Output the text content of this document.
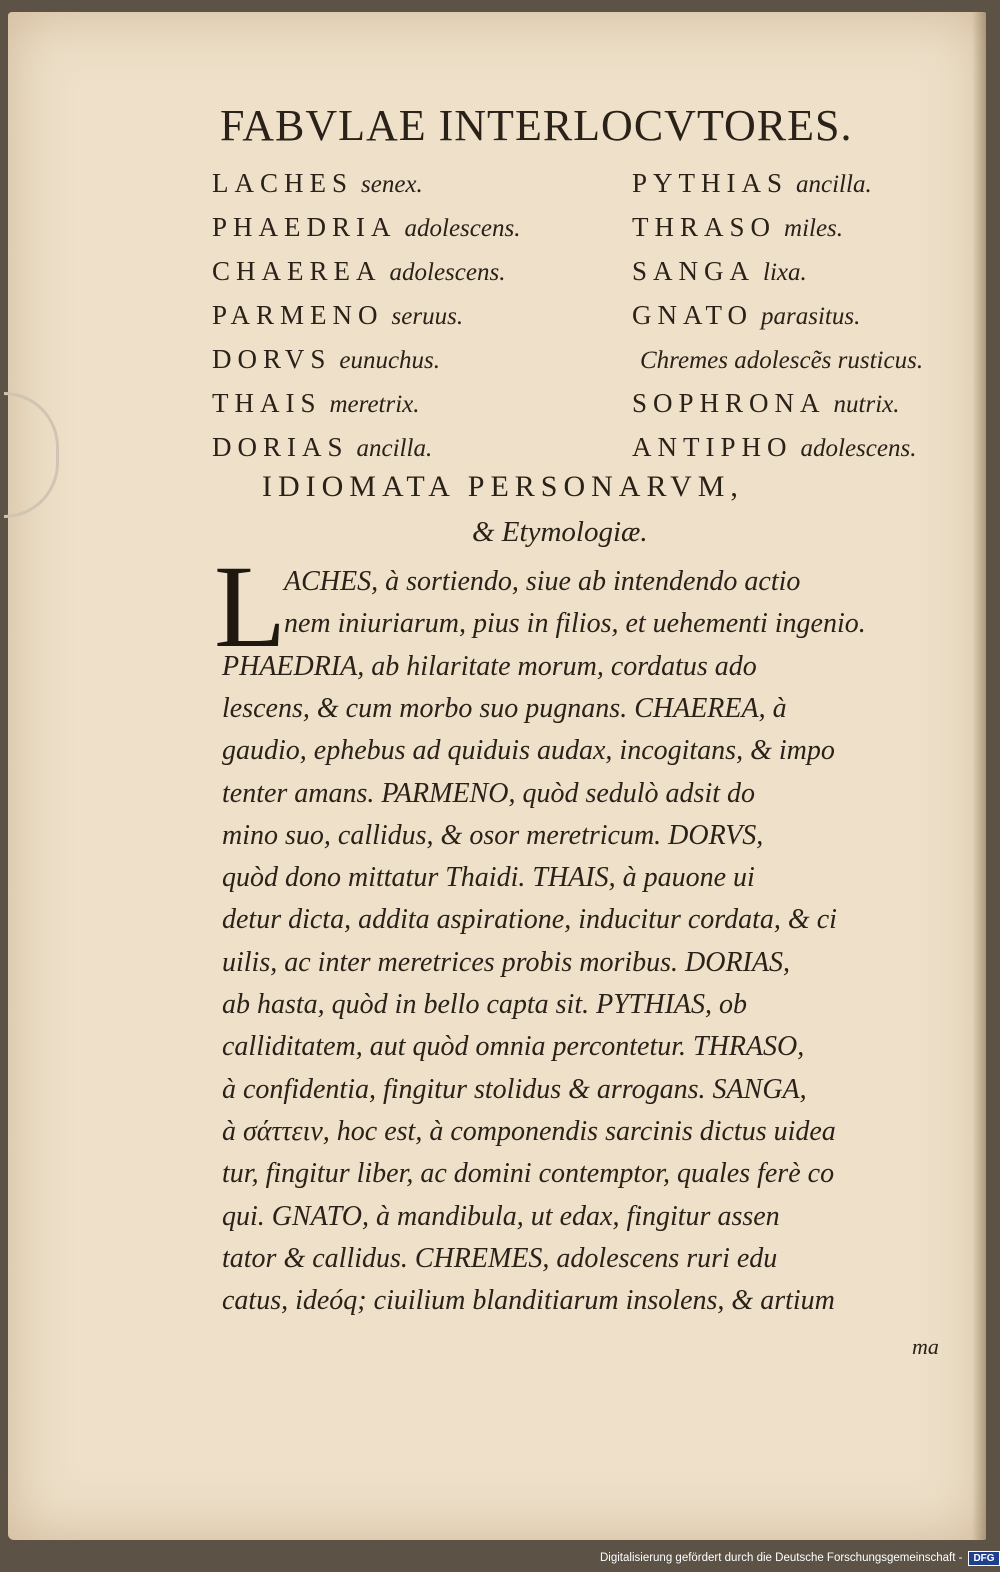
FABVLAE INTERLOCVTORES.
LACHES senex.	PYTHIAS ancilla.
PHAEDRIA adolescens.	THRASO miles.
CHAEREA adolescens.	SANGA lixa.
PARMENO seruus.	GNATO parasitus.
DORVS eunuchus.	Chremes adolescẽs rusticus.
THAIS meretrix.	SOPHRONA nutrix.
DORIAS ancilla.	ANTIPHO adolescens.
IDIOMATA PERSONARVM,
& Etymologiæ.
L
ACHES, à sortiendo, siue ab intendendo actio
nem iniuriarum, pius in filios, et uehementi ingenio.
PHAEDRIA, ab hilaritate morum, cordatus ado
lescens, & cum morbo suo pugnans. CHAEREA, à
gaudio, ephebus ad quiduis audax, incogitans, & impo
tenter amans. PARMENO, quòd sedulò adsit do
mino suo, callidus, & osor meretricum. DORVS,
quòd dono mittatur Thaidi. THAIS, à pauone ui
detur dicta, addita aspiratione, inducitur cordata, & ci
uilis, ac inter meretrices probis moribus. DORIAS,
ab hasta, quòd in bello capta sit. PYTHIAS, ob
calliditatem, aut quòd omnia percontetur. THRASO,
à confidentia, fingitur stolidus & arrogans. SANGA,
à σάττειν, hoc est, à componendis sarcinis dictus uidea
tur, fingitur liber, ac domini contemptor, quales ferè co
qui. GNATO, à mandibula, ut edax, fingitur assen
tator & callidus. CHREMES, adolescens ruri edu
catus, ideóq; ciuilium blanditiarum insolens, & artium
ma
Digitalisierung gefördert durch die Deutsche Forschungsgemeinschaft -	DFG
